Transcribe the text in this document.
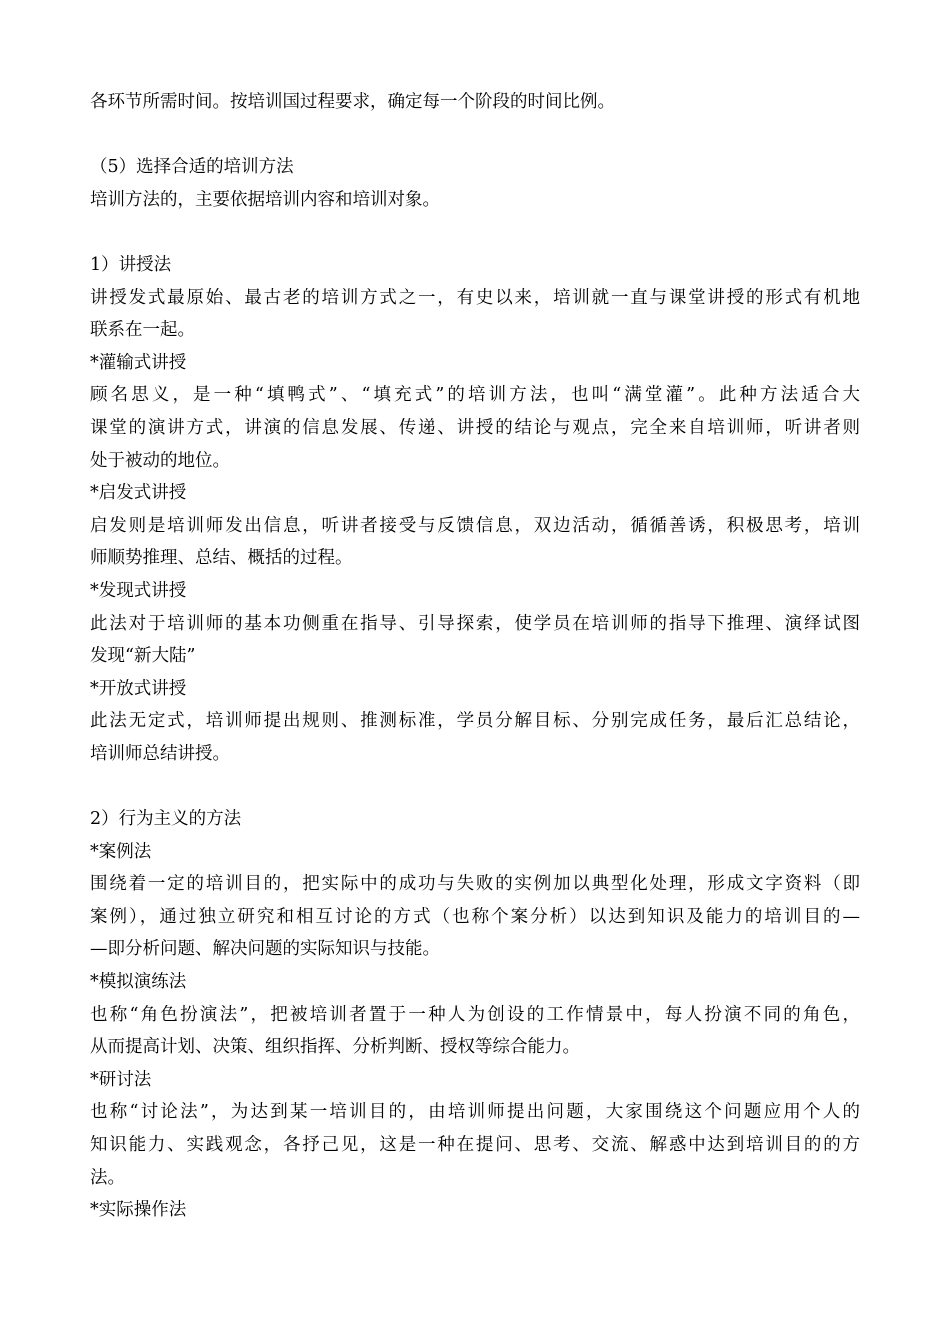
各环节所需时间。按培训国过程要求，确定每一个阶段的时间比例。
（5）选择合适的培训方法
培训方法的，主要依据培训内容和培训对象。
1）讲授法
讲授发式最原始、最古老的培训方式之一，有史以来，培训就一直与课堂讲授的形式有机地
联系在一起。
*灌输式讲授
顾名思义，是一种“填鸭式”、“填充式”的培训方法，也叫“满堂灌”。此种方法适合大
课堂的演讲方式，讲演的信息发展、传递、讲授的结论与观点，完全来自培训师，听讲者则
处于被动的地位。
*启发式讲授
启发则是培训师发出信息，听讲者接受与反馈信息，双边活动，循循善诱，积极思考，培训
师顺势推理、总结、概括的过程。
*发现式讲授
此法对于培训师的基本功侧重在指导、引导探索，使学员在培训师的指导下推理、演绎试图
发现“新大陆”
*开放式讲授
此法无定式，培训师提出规则、推测标准，学员分解目标、分别完成任务，最后汇总结论，
培训师总结讲授。
2）行为主义的方法
*案例法
围绕着一定的培训目的，把实际中的成功与失败的实例加以典型化处理，形成文字资料（即
案例），通过独立研究和相互讨论的方式（也称个案分析）以达到知识及能力的培训目的—
—即分析问题、解决问题的实际知识与技能。
*模拟演练法
也称“角色扮演法”，把被培训者置于一种人为创设的工作情景中，每人扮演不同的角色，
从而提高计划、决策、组织指挥、分析判断、授权等综合能力。
*研讨法
也称“讨论法”，为达到某一培训目的，由培训师提出问题，大家围绕这个问题应用个人的
知识能力、实践观念，各抒己见，这是一种在提问、思考、交流、解惑中达到培训目的的方
法。
*实际操作法
